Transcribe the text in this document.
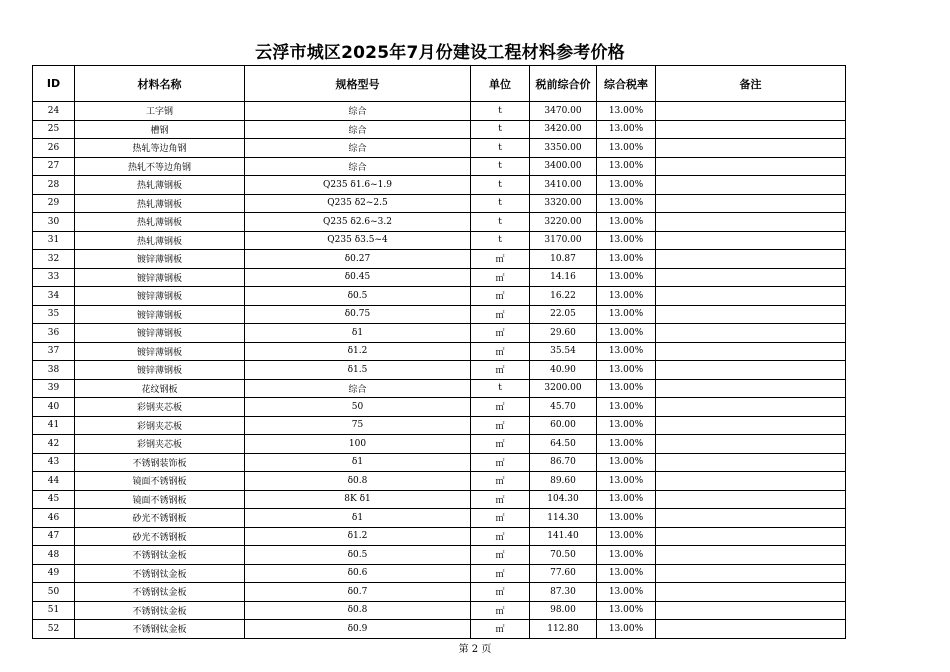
云浮市城区2025年7月份建设工程材料参考价格
ID	材料名称	规格型号	单位	税前综合价	综合税率	备注
24	工字钢	综合	t	3470.00	13.00%	
25	槽钢	综合	t	3420.00	13.00%	
26	热轧等边角钢	综合	t	3350.00	13.00%	
27	热轧不等边角钢	综合	t	3400.00	13.00%	
28	热轧薄钢板	Q235 δ1.6~1.9	t	3410.00	13.00%	
29	热轧薄钢板	Q235 δ2~2.5	t	3320.00	13.00%	
30	热轧薄钢板	Q235 δ2.6~3.2	t	3220.00	13.00%	
31	热轧薄钢板	Q235 δ3.5~4	t	3170.00	13.00%	
32	镀锌薄钢板	δ0.27	㎡	10.87	13.00%	
33	镀锌薄钢板	δ0.45	㎡	14.16	13.00%	
34	镀锌薄钢板	δ0.5	㎡	16.22	13.00%	
35	镀锌薄钢板	δ0.75	㎡	22.05	13.00%	
36	镀锌薄钢板	δ1	㎡	29.60	13.00%	
37	镀锌薄钢板	δ1.2	㎡	35.54	13.00%	
38	镀锌薄钢板	δ1.5	㎡	40.90	13.00%	
39	花纹钢板	综合	t	3200.00	13.00%	
40	彩钢夹芯板	50	㎡	45.70	13.00%	
41	彩钢夹芯板	75	㎡	60.00	13.00%	
42	彩钢夹芯板	100	㎡	64.50	13.00%	
43	不锈钢装饰板	δ1	㎡	86.70	13.00%	
44	镜面不锈钢板	δ0.8	㎡	89.60	13.00%	
45	镜面不锈钢板	8K δ1	㎡	104.30	13.00%	
46	砂光不锈钢板	δ1	㎡	114.30	13.00%	
47	砂光不锈钢板	δ1.2	㎡	141.40	13.00%	
48	不锈钢钛金板	δ0.5	㎡	70.50	13.00%	
49	不锈钢钛金板	δ0.6	㎡	77.60	13.00%	
50	不锈钢钛金板	δ0.7	㎡	87.30	13.00%	
51	不锈钢钛金板	δ0.8	㎡	98.00	13.00%	
52	不锈钢钛金板	δ0.9	㎡	112.80	13.00%	
第 2 页
